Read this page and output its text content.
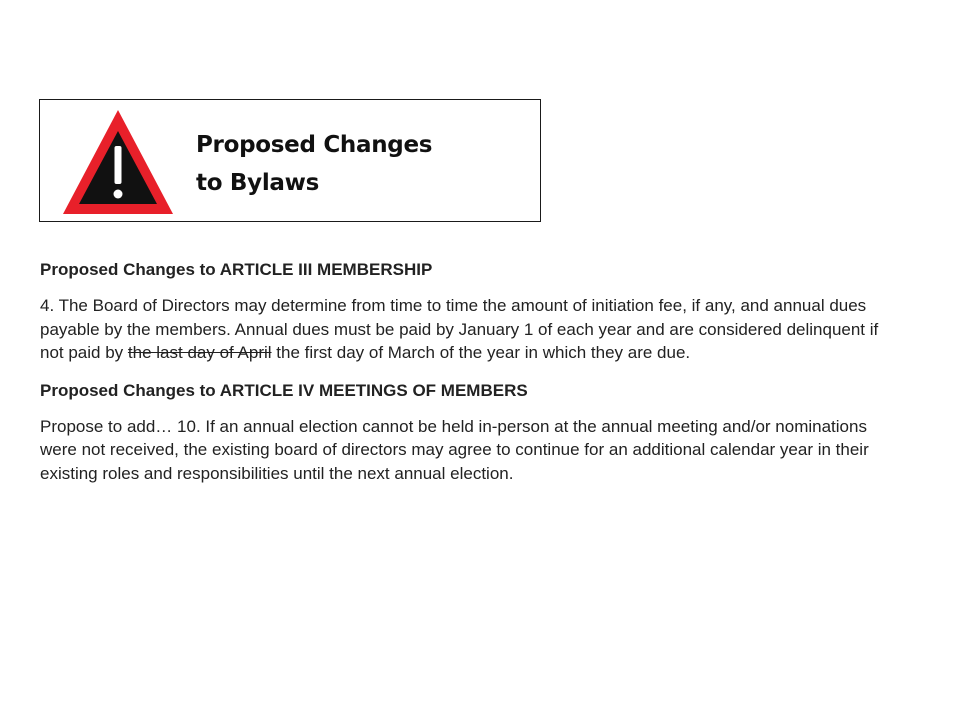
Proposed Changes
to Bylaws
Proposed Changes to ARTICLE III MEMBERSHIP

4. The Board of Directors may determine from time to time the amount of initiation fee, if any, and annual dues payable by the members. Annual dues must be paid by January 1 of each year and are considered delinquent if not paid by the last day of April the first day of March of the year in which they are due.

Proposed Changes to ARTICLE IV MEETINGS OF MEMBERS

Propose to add… 10. If an annual election cannot be held in-person at the annual meeting and/or nominations were not received, the existing board of directors may agree to continue for an additional calendar year in their existing roles and responsibilities until the next annual election.
